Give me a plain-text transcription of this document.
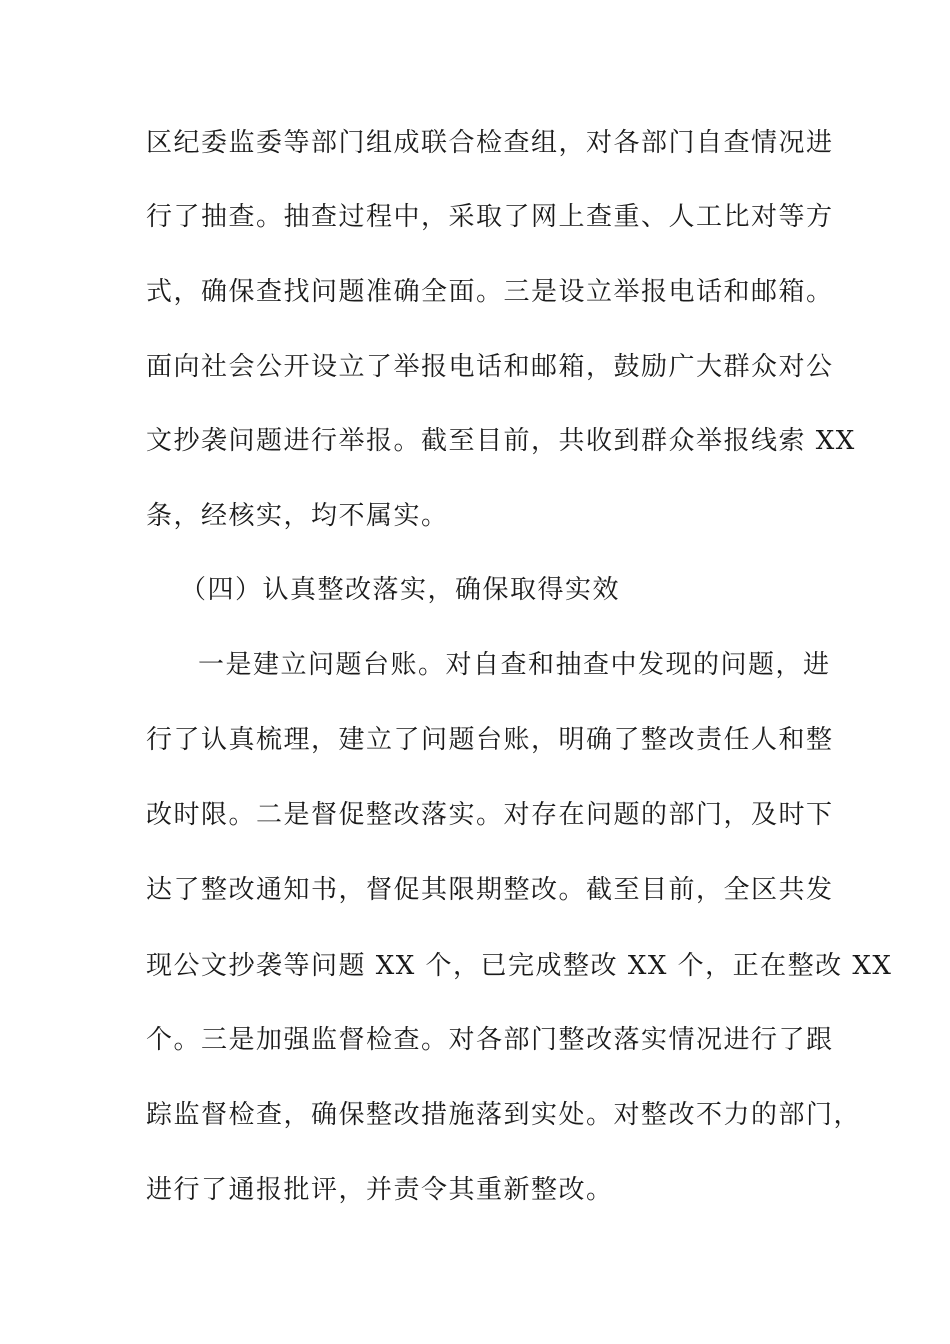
区纪委监委等部门组成联合检查组，对各部门自查情况进
行了抽查。抽查过程中，采取了网上查重、人工比对等方
式，确保查找问题准确全面。三是设立举报电话和邮箱。
面向社会公开设立了举报电话和邮箱，鼓励广大群众对公
文抄袭问题进行举报。截至目前，共收到群众举报线索 XX
条，经核实，均不属实。
（四）认真整改落实，确保取得实效
一是建立问题台账。对自查和抽查中发现的问题，进
行了认真梳理，建立了问题台账，明确了整改责任人和整
改时限。二是督促整改落实。对存在问题的部门，及时下
达了整改通知书，督促其限期整改。截至目前，全区共发
现公文抄袭等问题 XX 个，已完成整改 XX 个，正在整改 XX
个。三是加强监督检查。对各部门整改落实情况进行了跟
踪监督检查，确保整改措施落到实处。对整改不力的部门，
进行了通报批评，并责令其重新整改。
